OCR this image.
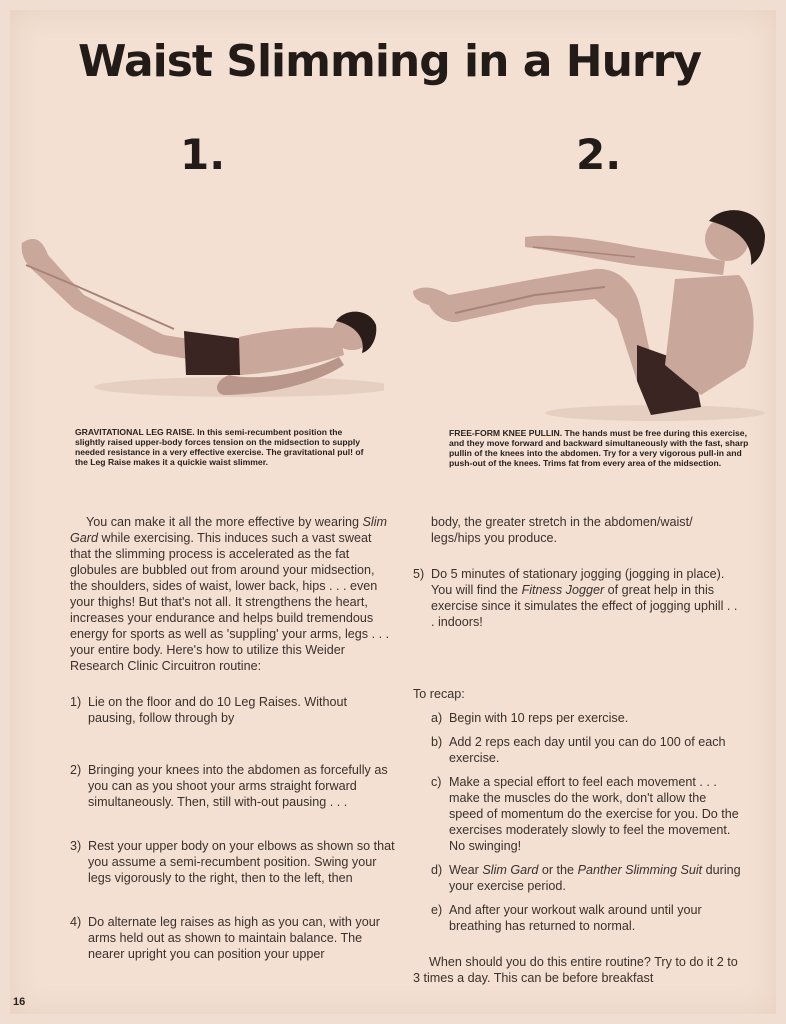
Waist Slimming in a Hurry
1.	2.
GRAVITATIONAL LEG RAISE. In this semi-recumbent position the slightly raised upper-body forces tension on the midsection to supply needed resistance in a very effective exercise. The gravitational pul! of the Leg Raise makes it a quickie waist slimmer.
FREE-FORM KNEE PULLIN. The hands must be free during this exercise, and they move forward and backward simultaneously with the fast, sharp pullin of the knees into the abdomen. Try for a very vigorous pull-in and push-out of the knees. Trims fat from every area of the midsection.

You can make it all the more effective by wearing Slim Gard while exercising. This induces such a vast sweat that the slimming process is accelerated as the fat globules are bubbled out from around your midsection, the shoulders, sides of waist, lower back, hips . . . even your thighs! But that's not all. It strengthens the heart, increases your endurance and helps build tremendous energy for sports as well as 'suppling' your arms, legs . . . your entire body. Here's how to utilize this Weider Research Clinic Circuitron routine:

1) Lie on the floor and do 10 Leg Raises. Without pausing, follow through by
2) Bringing your knees into the abdomen as forcefully as you can as you shoot your arms straight forward simultaneously. Then, still with-out pausing . . .
3) Rest your upper body on your elbows as shown so that you assume a semi-recumbent position. Swing your legs vigorously to the right, then to the left, then
4) Do alternate leg raises as high as you can, with your arms held out as shown to maintain balance. The nearer upright you can position your upper
body, the greater stretch in the abdomen/waist/ legs/hips you produce.
5) Do 5 minutes of stationary jogging (jogging in place). You will find the Fitness Jogger of great help in this exercise since it simulates the effect of jogging uphill . . . indoors!
To recap:
a) Begin with 10 reps per exercise.
b) Add 2 reps each day until you can do 100 of each exercise.
c) Make a special effort to feel each movement . . . make the muscles do the work, don't allow the speed of momentum do the exercise for you. Do the exercises moderately slowly to feel the movement. No swinging!
d) Wear Slim Gard or the Panther Slimming Suit during your exercise period.
e) And after your workout walk around until your breathing has returned to normal.

When should you do this entire routine? Try to do it 2 to 3 times a day. This can be before breakfast

16
